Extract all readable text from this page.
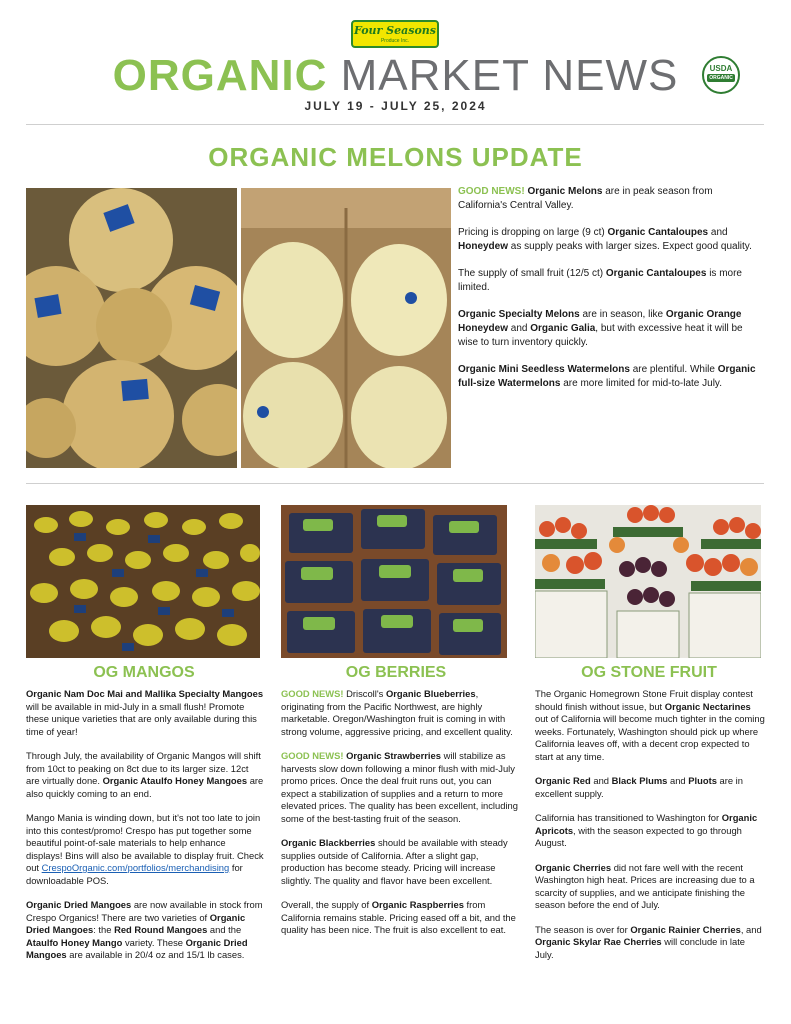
Four Seasons
Produce Inc.
ORGANIC MARKET NEWS	USDA
ORGANIC
JULY 19 - JULY 25, 2024
ORGANIC MELONS UPDATE

GOOD NEWS! Organic Melons are in peak season from California's Central Valley.

Pricing is dropping on large (9 ct) Organic Cantaloupes and Honeydew as supply peaks with larger sizes. Expect good quality.

The supply of small fruit (12/5 ct) Organic Cantaloupes is more limited.

Organic Specialty Melons are in season, like Organic Orange Honeydew and Organic Galia, but with excessive heat it will be wise to turn inventory quickly.

Organic Mini Seedless Watermelons are plentiful. While Organic full-size Watermelons are more limited for mid-to-late July.

OG MANGOS	OG BERRIES	OG STONE FRUIT

Organic Nam Doc Mai and Mallika Specialty Mangoes will be available in mid-July in a small flush! Promote these unique varieties that are only available during this time of year!

Through July, the availability of Organic Mangos will shift from 10ct to peaking on 8ct due to its larger size. 12ct are virtually done. Organic Ataulfo Honey Mangoes are also quickly coming to an end.

Mango Mania is winding down, but it's not too late to join into this contest/promo! Crespo has put together some beautiful point-of-sale materials to help enhance displays! Bins will also be available to display fruit. Check out CrespoOrganic.com/portfolios/merchandising for downloadable POS.

Organic Dried Mangoes are now available in stock from Crespo Organics! There are two varieties of Organic Dried Mangoes: the Red Round Mangoes and the Ataulfo Honey Mango variety. These Organic Dried Mangoes are available in 20/4 oz and 15/1 lb cases.

GOOD NEWS! Driscoll's Organic Blueberries, originating from the Pacific Northwest, are highly marketable. Oregon/Washington fruit is coming in with strong volume, aggressive pricing, and excellent quality.

GOOD NEWS! Organic Strawberries will stabilize as harvests slow down following a minor flush with mid-July promo prices. Once the deal fruit runs out, you can expect a stabilization of supplies and a return to more elevated prices. The quality has been excellent, including some of the best-tasting fruit of the season.

Organic Blackberries should be available with steady supplies outside of California. After a slight gap, production has become steady. Pricing will increase slightly. The quality and flavor have been excellent.

Overall, the supply of Organic Raspberries from California remains stable. Pricing eased off a bit, and the quality has been nice. The fruit is also excellent to eat.

The Organic Homegrown Stone Fruit display contest should finish without issue, but Organic Nectarines out of California will become much tighter in the coming weeks. Fortunately, Washington should pick up where California leaves off, with a decent crop expected to start at any time.

Organic Red and Black Plums and Pluots are in excellent supply.

California has transitioned to Washington for Organic Apricots, with the season expected to go through August.

Organic Cherries did not fare well with the recent Washington high heat. Prices are increasing due to a scarcity of supplies, and we anticipate finishing the season before the end of July.

The season is over for Organic Rainier Cherries, and Organic Skylar Rae Cherries will conclude in late July.
